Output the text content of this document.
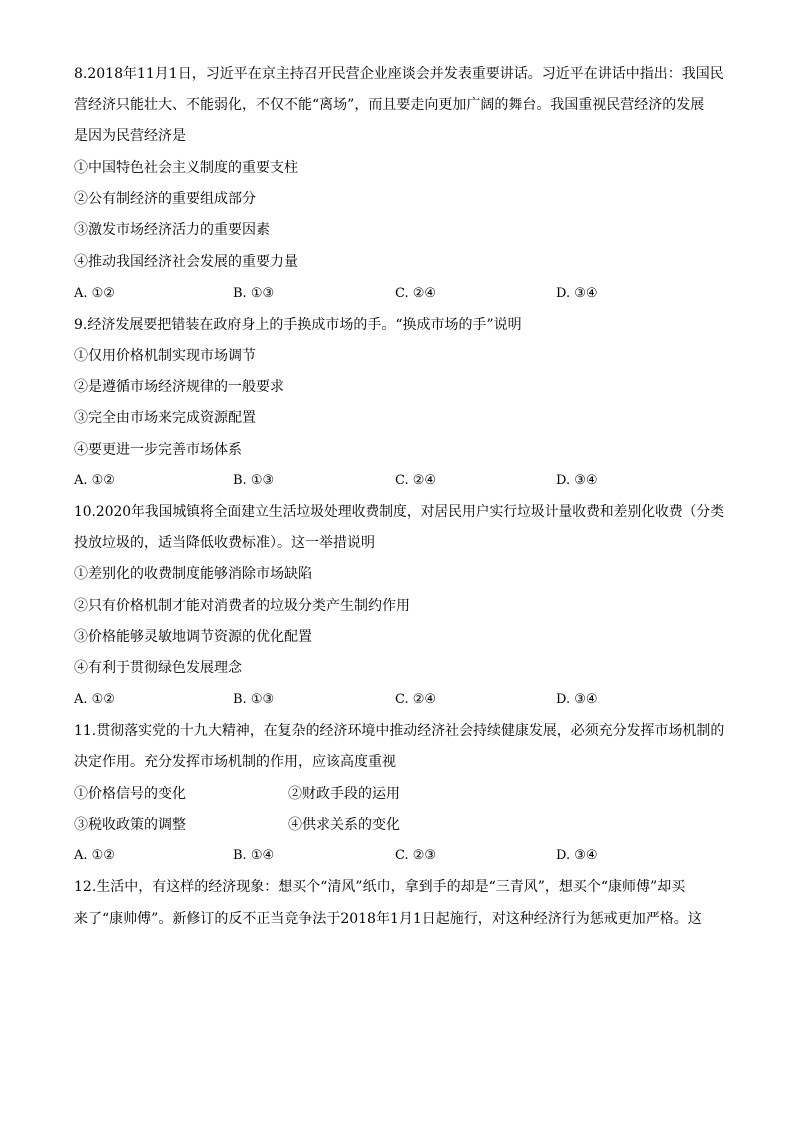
8.2018年11月1日，习近平在京主持召开民营企业座谈会并发表重要讲话。习近平在讲话中指出：我国民
营经济只能壮大、不能弱化，不仅不能“离场”，而且要走向更加广阔的舞台。我国重视民营经济的发展
是因为民营经济是
①中国特色社会主义制度的重要支柱
②公有制经济的重要组成部分
③激发市场经济活力的重要因素
④推动我国经济社会发展的重要力量
A. ①②	B. ①③	C. ②④	D. ③④
9.经济发展要把错装在政府身上的手换成市场的手。“换成市场的手”说明
①仅用价格机制实现市场调节
②是遵循市场经济规律的一般要求
③完全由市场来完成资源配置
④要更进一步完善市场体系
A. ①②	B. ①③	C. ②④	D. ③④
10.2020年我国城镇将全面建立生活垃圾处理收费制度，对居民用户实行垃圾计量收费和差别化收费（分类
投放垃圾的，适当降低收费标准）。这一举措说明
①差别化的收费制度能够消除市场缺陷
②只有价格机制才能对消费者的垃圾分类产生制约作用
③价格能够灵敏地调节资源的优化配置
④有利于贯彻绿色发展理念
A. ①②	B. ①③	C. ②④	D. ③④
11.贯彻落实党的十九大精神，在复杂的经济环境中推动经济社会持续健康发展，必须充分发挥市场机制的
决定作用。充分发挥市场机制的作用，应该高度重视
①价格信号的变化	②财政手段的运用
③税收政策的调整	④供求关系的变化
A. ①②	B. ①④	C. ②③	D. ③④
12.生活中，有这样的经济现象：想买个“清风”纸巾，拿到手的却是“三青风”，想买个“康师傅”却买
来了“康帅傅”。新修订的反不正当竞争法于2018年1月1日起施行，对这种经济行为惩戒更加严格。这
